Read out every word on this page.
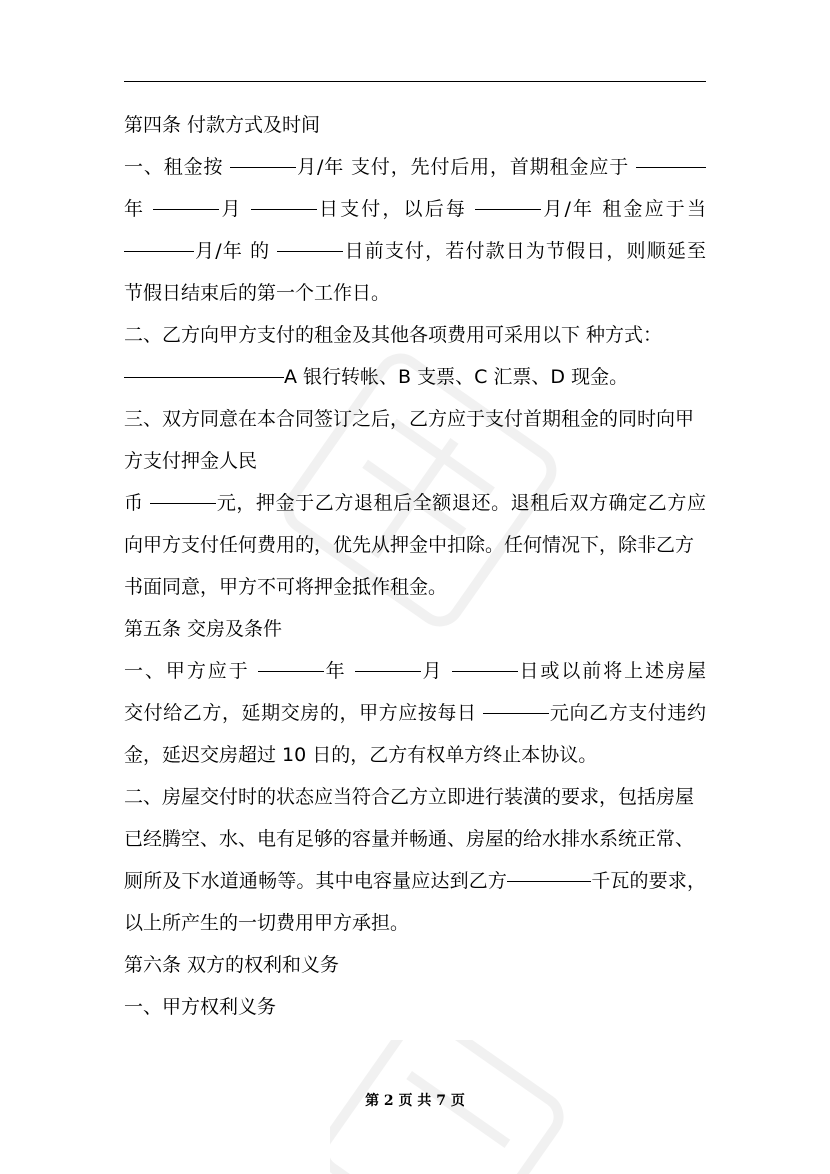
第四条 付款方式及时间
一、租金按	月/年 支付，先付后用，首期租金应于
年	月	日支付，以后每	月/年 租金应于当
月/年 的	日前支付，若付款日为节假日，则顺延至
节假日结束后的第一个工作日。
二、乙方向甲方支付的租金及其他各项费用可采用以下 种方式：
A 银行转帐、B 支票、C 汇票、D 现金。
三、双方同意在本合同签订之后，乙方应于支付首期租金的同时向甲
方支付押金人民
币	元，押金于乙方退租后全额退还。退租后双方确定乙方应
向甲方支付任何费用的，优先从押金中扣除。任何情况下，除非乙方
书面同意，甲方不可将押金抵作租金。
第五条 交房及条件
一、甲方应于	年	月	日或以前将上述房屋
交付给乙方，延期交房的，甲方应按每日	元向乙方支付违约
金，延迟交房超过 10 日的，乙方有权单方终止本协议。
二、房屋交付时的状态应当符合乙方立即进行装潢的要求，包括房屋
已经腾空、水、电有足够的容量并畅通、房屋的给水排水系统正常、
厕所及下水道通畅等。其中电容量应达到乙方	千瓦的要求，
以上所产生的一切费用甲方承担。
第六条 双方的权利和义务
一、甲方权利义务
第 2 页 共 7 页
